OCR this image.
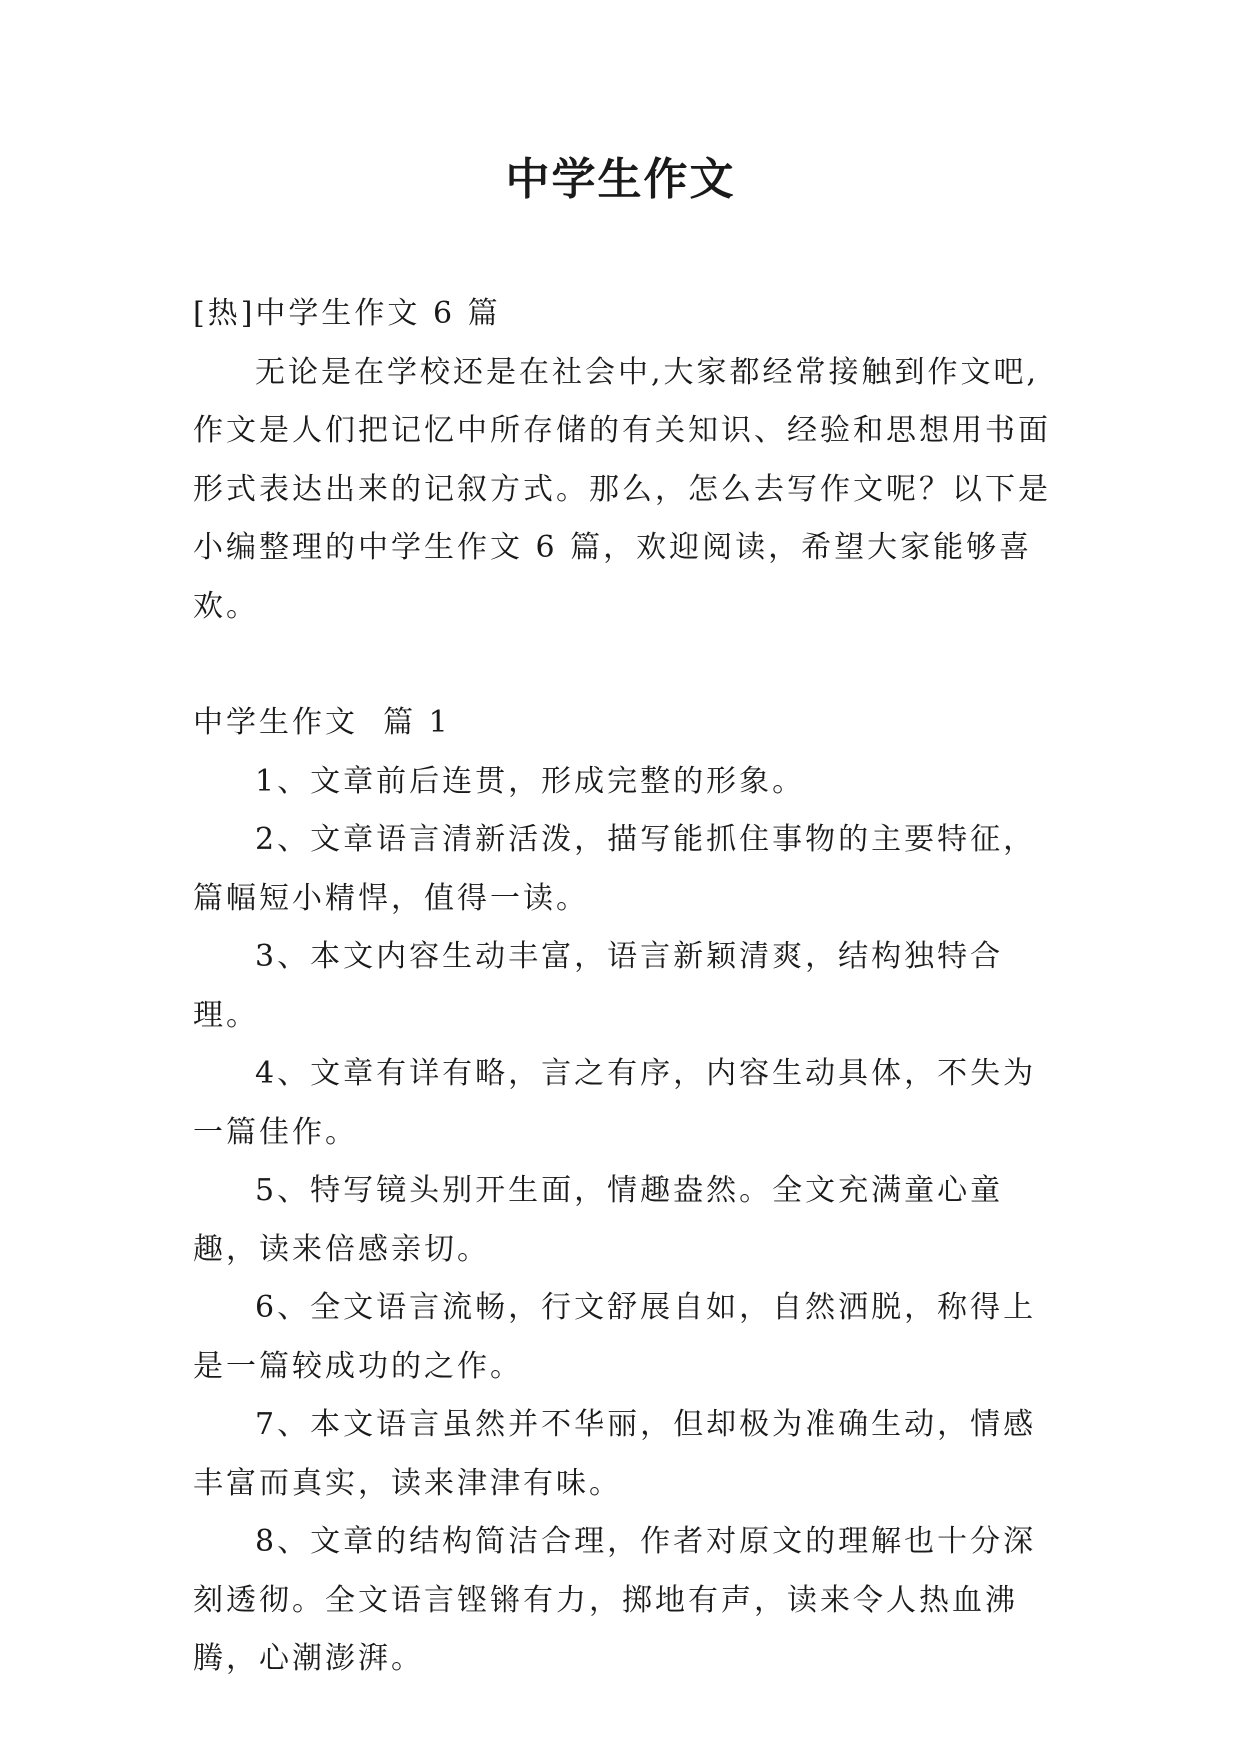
中学生作文

[热]中学生作文 6 篇

无论是在学校还是在社会中,大家都经常接触到作文吧,作文是人们把记忆中所存储的有关知识、经验和思想用书面形式表达出来的记叙方式。那么，怎么去写作文呢？以下是小编整理的中学生作文 6 篇，欢迎阅读，希望大家能够喜欢。

中学生作文  篇 1

1、文章前后连贯，形成完整的形象。

2、文章语言清新活泼，描写能抓住事物的主要特征，篇幅短小精悍，值得一读。

3、本文内容生动丰富，语言新颖清爽，结构独特合理。

4、文章有详有略，言之有序，内容生动具体，不失为一篇佳作。

5、特写镜头别开生面，情趣盎然。全文充满童心童趣，读来倍感亲切。

6、全文语言流畅，行文舒展自如，自然洒脱，称得上是一篇较成功的之作。

7、本文语言虽然并不华丽，但却极为准确生动，情感丰富而真实，读来津津有味。

8、文章的结构简洁合理，作者对原文的理解也十分深刻透彻。全文语言铿锵有力，掷地有声，读来令人热血沸腾，心潮澎湃。
